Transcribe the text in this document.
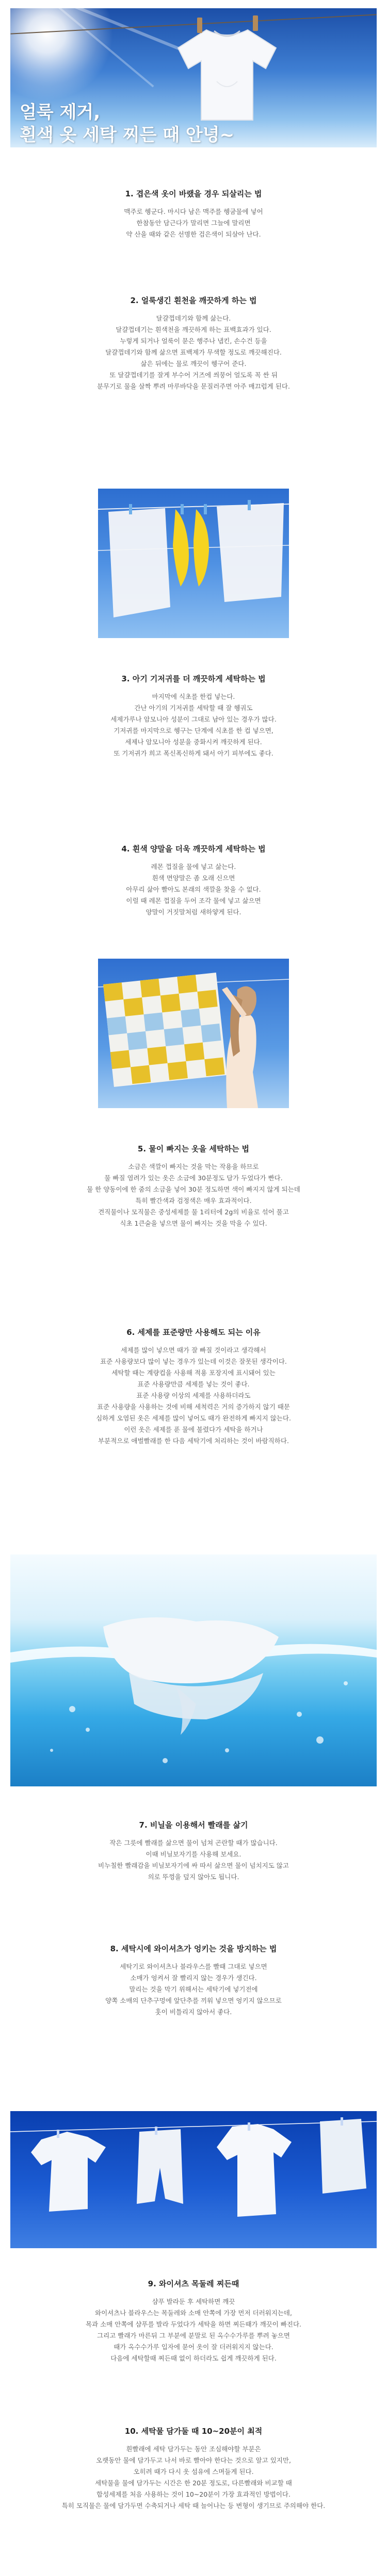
얼룩 제거,
흰색 옷 세탁 찌든 때 안녕~
1. 겹은색 옷이 바랬을 경우 되살리는 법

맥주로 헹군다. 마시다 남은 맥주를 헹굼물에 넣어

한참동안 담근다가 말리면 그늘에 말리면

약 산을 때와 같은 선명한 검은색이 되살아 난다.

2. 얼룩생긴 흰천을 깨끗하게 하는 법

달걀껍데기와 함께 삶는다.

달걀껍데기는 흰색천을 깨끗하게 하는 표백효과가 있다.

누렇게 되거나 얼룩이 묻은 행주나 냅킨, 손수건 등을

달걀껍데기와 함께 삶으면 표백제가 무색할 정도로 깨끗해진다.

삶은 뒤에는 물로 깨끗이 헹구어 준다.

또 달걀껍데기를 잘게 부수어 거즈에 씌뭉어 얼도록 꼭 싼 뒤

분무기로 물을 살짝 뿌려 마루바닥을 문질러주면 아주 매끄럽게 된다.

3. 아기 기저귀를 더 깨끗하게 세탁하는 법

마지막에 식초를 한컵 넣는다.

간난 아기의 기저귀를 세탁할 때 잘 헹궈도

세제가루나 암모니아 성분이 그대로 남아 있는 경우가 많다.

기저귀를 마지막으로 헹구는 단계에 식초를 한 컵 넣으면,

세제나 암모니아 성분을 중화시켜 깨끗하게 된다.

또 기저귀가 희고 폭신폭신하게 돼서 아기 피부에도 좋다.

4. 흰색 양말을 더욱 깨끗하게 세탁하는 법

레몬 껍질을 물에 넣고 삶는다.

흰색 면양말은 좀 오래 신으면

아무리 삶아 빨아도 본래의 색깔을 찾을 수 없다.

이럴 때 레몬 껍질을 두어 조각 물에 넣고 삶으면

양말이 거짓말처럼 새하얗게 된다.

5. 물이 빠지는 옷을 세탁하는 법

소금은 색깔이 빠지는 것을 막는 작용을 하므로

물 빠질 염려가 있는 옷은 소금에 30분정도 담가 두었다가 빤다.

물 한 양동이에 한 줌의 소금을 넣어 30분 정도하면 색이 빠지지 않게 되는데

특히 빨간색과 검정색은 매우 효과적이다.

견직물이나 모직물은 중성세제를 물 1리터에 2g의 비율로 섞어 풀고

식초 1큰술을 넣으면 물이 빠지는 것을 막을 수 있다.

6. 세제를 표준량만 사용해도 되는 이유

세제를 많이 넣으면 때가 잘 빠질 것이라고 생각해서

표준 사용량보다 많이 넣는 경우가 있는데 이것은 잘못된 생각이다.

세탁할 때는 계량컵을 사용해 적용 포장지에 표시돼어 있는

표준 사용량만큼 세제를 넣는 것이 좋다.

표준 사용량 이상의 세제를 사용하더라도

표준 사용량을 사용하는 것에 비해 세척력은 거의 증가하지 않기 때문

심하게 오염된 옷은 세제를 많이 넣어도 때가 완전하게 빠지지 않는다.

이런 옷은 세제를 푼 물에 불렸다가 세탁을 하거나

부분적으로 애벌빨래를 한 다음 세탁기에 처리하는 것이 바람직하다.

7. 비닐을 이용해서 빨래를 삶기

작은 그릇에 빨래를 삶으면 물이 넘쳐 곤란할 때가 많습니다.

이때 비닐보자기를 사용해 보세요.

비누칠한 빨래감을 비닐보자기에 싸 따서 삶으면 물이 넘치지도 않고

의로 뚜껑을 덮지 않아도 됩니다.

8. 세탁시에 와이셔츠가 엉키는 것을 방지하는 법

세탁기로 와이셔츠나 블라우스를 빨때 그대로 넣으면

소매가 엉켜서 잘 빨리지 않는 경우가 생긴다.

말리는 것을 막기 위해서는 세탁기에 넣기전에

양쪽 소매의 단추구멍에 앞단추를 끼워 넣으면 엉키지 않으므로

훗이 비틀리지 않아서 좋다.

9. 와이셔츠 목둘레 찌든때

샴푸 발라둔 후 세탁하면 깨끗

와이셔츠나 블라우스는 목둘레와 소매 안쪽에 가장 먼저 더러워지는데,

목과 소매 안쪽에 샴푸를 발라 두었다가 세탁을 하면 찌든때가 깨끗이 빠진다.

그리고 빨래가 마른뒤 그 부분에 분말로 된 옥수수가루를 뿌려 놓으면

때가 옥수수가루 입자에 묻어 옷이 잘 더러워지지 않는다.

다음에 세탁할때 찌든때 없이 하더라도 쉽게 깨끗하게 된다.

10. 세탁물 담가둘 때 10~20분이 최적

흰빨래에 세탁 담가두는 동안 조심해야할 부분은

오랫동안 물에 담가두고 나서 바로 빨아야 한다는 것으로 알고 있지만,

오히려 때가 다시 옷 섬유에 스며들게 된다.

세탁물을 물에 담가두는 시간은 한 20분 정도로, 다른빨래와 비교할 때

합성세제를 처음 사용하는 것이 10~20분이 가장 효과적인 방법이다.

특히 모직물은 물에 담가두면 수축되거나 세탁 때 늘어나는 등 변형이 생기므로 주의해야 한다.
